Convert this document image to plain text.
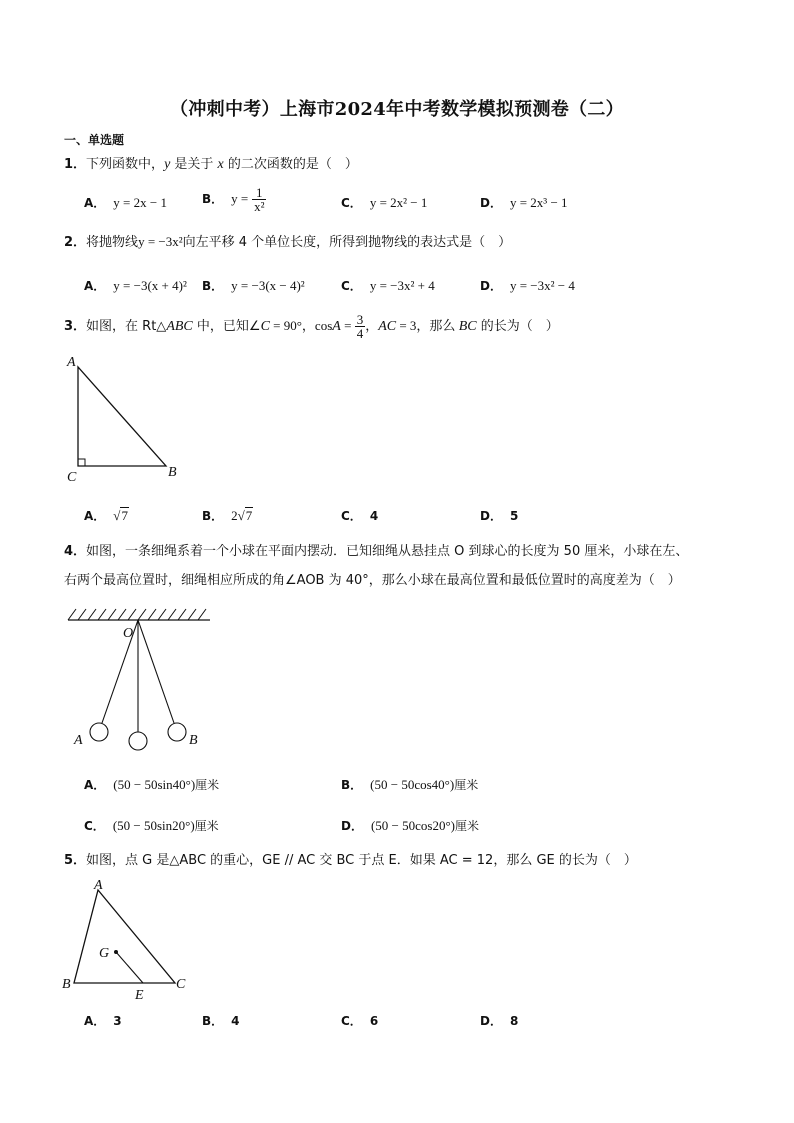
（冲刺中考）上海市2024年中考数学模拟预测卷（二）
一、单选题
1．下列函数中，y 是关于 x 的二次函数的是（　）
A． y = 2x − 1	B． $y = \frac{1}{\text{x²}}$	C． y = 2x² − 1	D． y = 2x³ − 1
2．将抛物线y = −3x²向左平移 4 个单位长度，所得到抛物线的表达式是（　）
A． y = −3(x + 4)² B． y = −3(x − 4)²	C． y = −3x² + 4	D． y = −3x² − 4
3．如图，在 Rt△ABC 中，已知∠C = 90°，$\cos A = \frac{3}{4}$ ，AC = 3，那么 BC 的长为（　）
A
C	B
A． √7	B． 2√7	C． 4	D． 5
4．如图，一条细绳系着一个小球在平面内摆动．已知细绳从悬挂点 O 到球心的长度为 50 厘米，小球在左、
右两个最高位置时，细绳相应所成的角∠AOB 为 40°，那么小球在最高位置和最低位置时的高度差为（　）
O
A	B
A． (50 − 50sin40°)厘米	B． (50 − 50cos40°)厘米
C． (50 − 50sin20°)厘米	D． (50 − 50cos20°)厘米
5．如图，点 G 是△ABC 的重心，GE // AC 交 BC 于点 E．如果 AC = 12，那么 GE 的长为（　）
A
B	C
G
E
A． 3	B． 4	C． 6	D． 8
